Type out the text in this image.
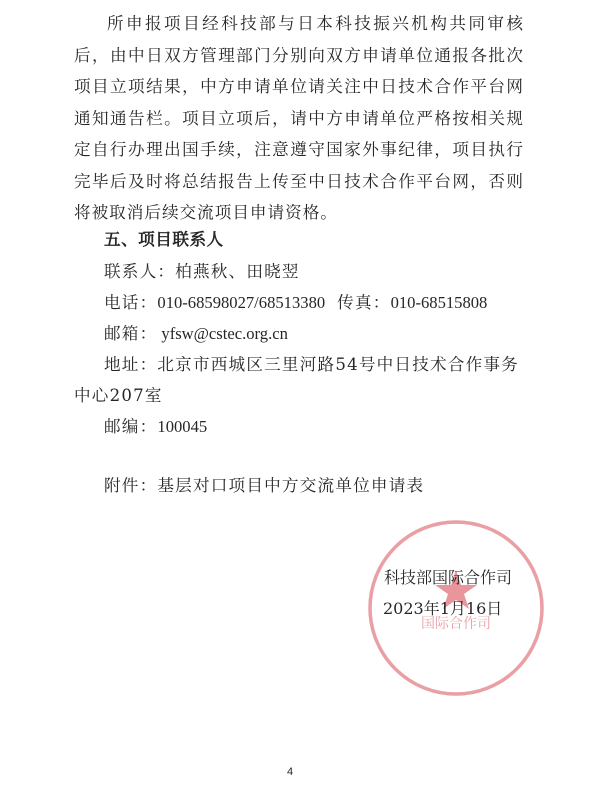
所申报项目经科技部与日本科技振兴机构共同审核后，由中日双方管理部门分别向双方申请单位通报各批次项目立项结果，中方申请单位请关注中日技术合作平台网通知通告栏。项目立项后，请中方申请单位严格按相关规定自行办理出国手续，注意遵守国家外事纪律，项目执行完毕后及时将总结报告上传至中日技术合作平台网，否则将被取消后续交流项目申请资格。

五、项目联系人

联系人：柏燕秋、田晓翌

电话：010-68598027/68513380 传真：010-68515808

邮箱： yfsw@cstec.org.cn

地址：北京市西城区三里河路54号中日技术合作事务

中心207室

邮编：100045

附件：基层对口项目中方交流单位申请表

国际合作司

科技部国际合作司

2023年1月16日

4
